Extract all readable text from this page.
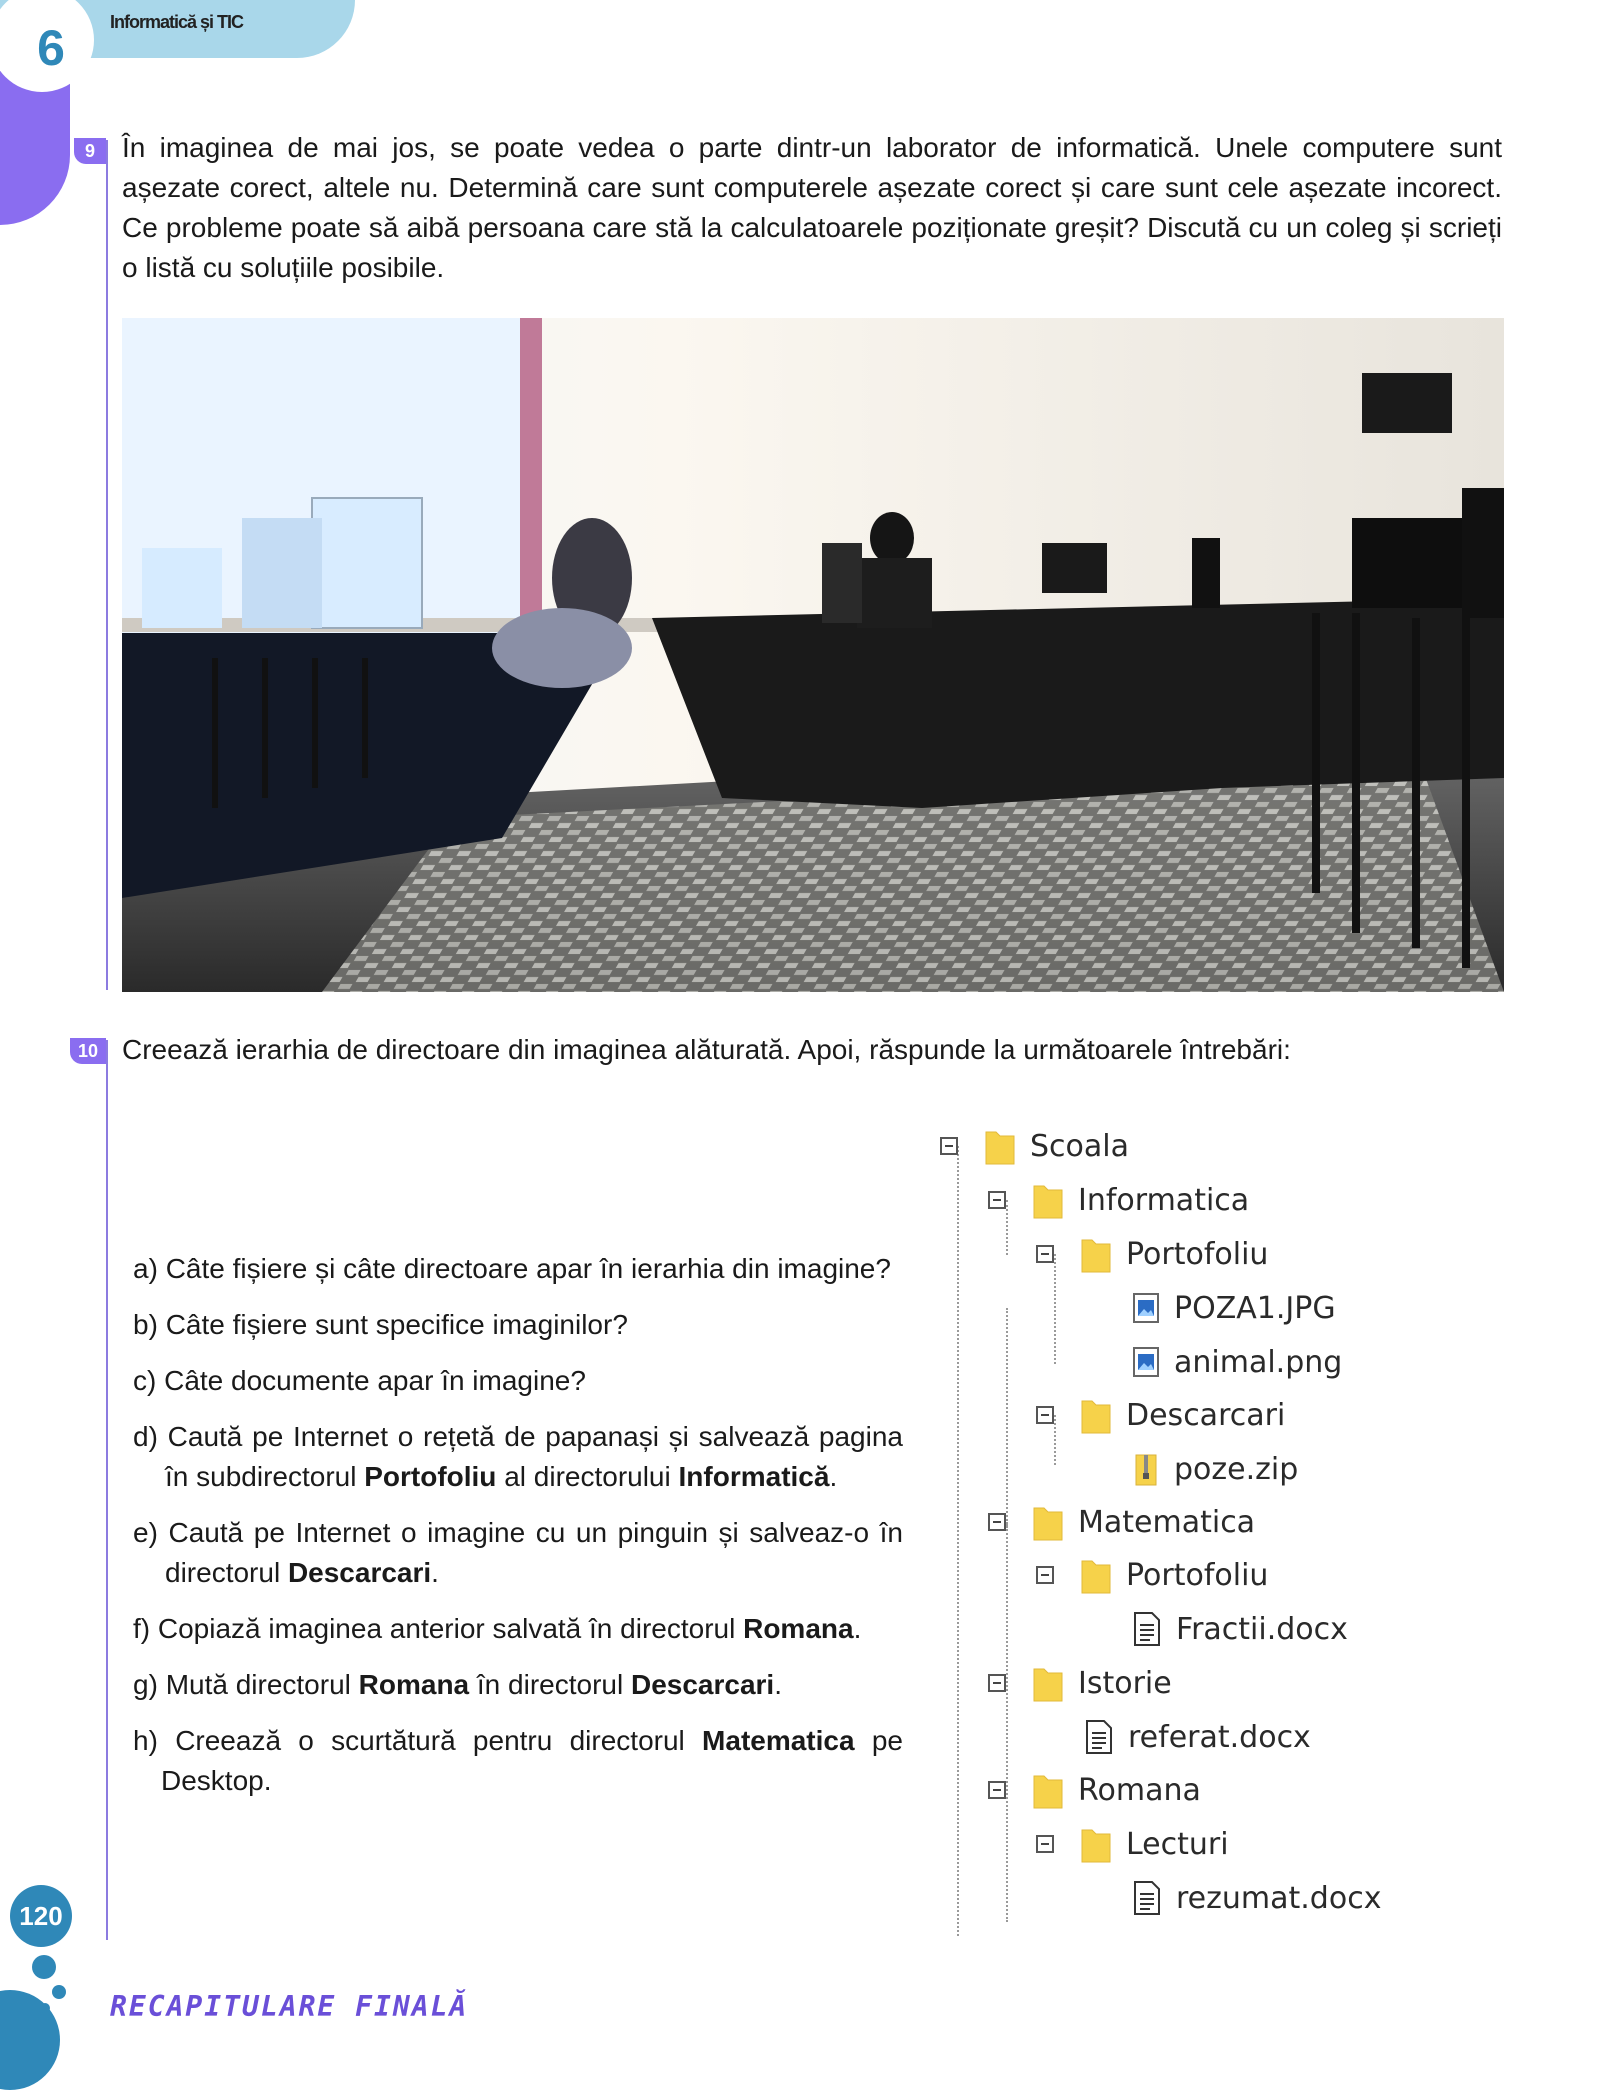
6	Informatică și TIC
9 În imaginea de mai jos, se poate vedea o parte dintr-un laborator de informatică. Unele computere sunt așezate corect, altele nu. Determină care sunt computerele așezate corect și care sunt cele așezate incorect. Ce probleme poate să aibă persoana care stă la calculatoarele poziționate greșit? Discută cu un coleg și scrieți o listă cu soluțiile posibile.
10 Creează ierarhia de directoare din imaginea alăturată. Apoi, răspunde la următoarele întrebări:
a) Câte fișiere și câte directoare apar în ierarhia din imagine?
b) Câte fișiere sunt specifice imaginilor?
c) Câte documente apar în imagine?
d) Caută pe Internet o rețetă de papanași și salvează pagina în subdirectorul Portofoliu al directorului Informatică.
e) Caută pe Internet o imagine cu un pinguin și salveaz-o în directorul Descarcari.
f) Copiază imaginea anterior salvată în directorul Romana.
g) Mută directorul Romana în directorul Descarcari.
h) Creează o scurtătură pentru directorul Matematica pe Desktop.
Scoala
Informatica
Portofoliu
POZA1.JPG
animal.png
Descarcari
poze.zip
Matematica
Portofoliu
Fractii.docx
Istorie
referat.docx
Romana
Lecturi
rezumat.docx
120
RECAPITULARE FINALĂ
